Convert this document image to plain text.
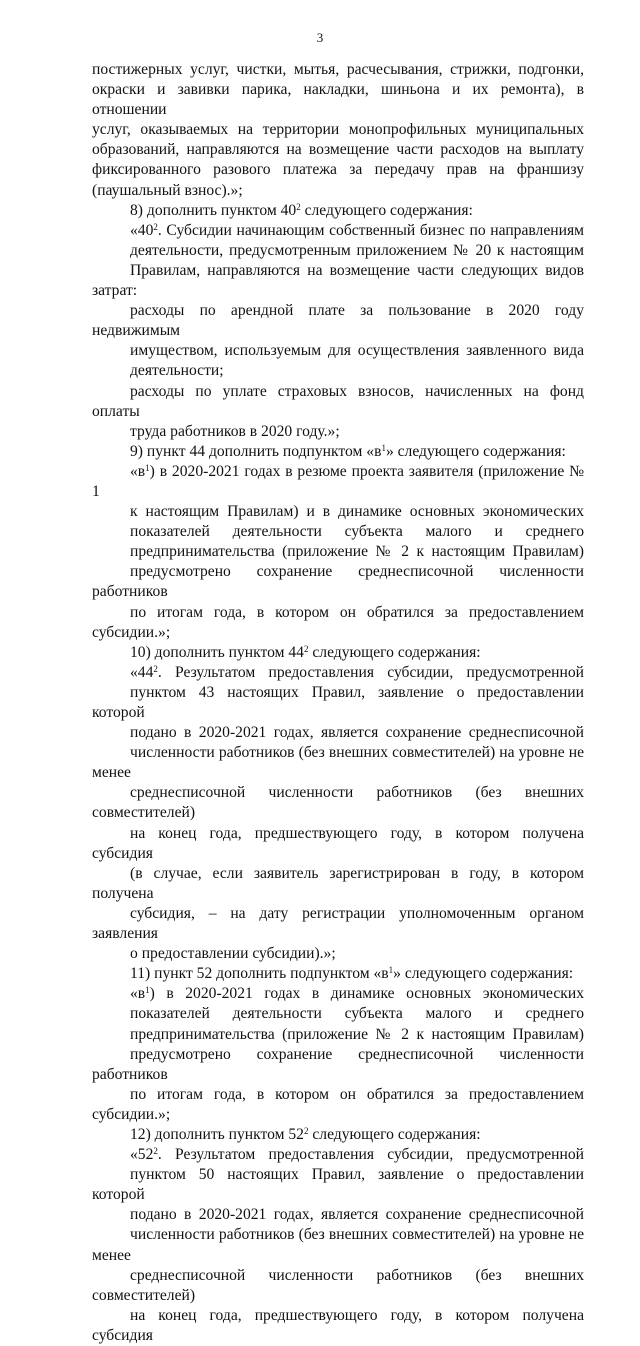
3

постижерных услуг, чистки, мытья, расчесывания, стрижки, подгонки,
окраски и завивки парика, накладки, шиньона и их ремонта), в отношении
услуг, оказываемых на территории монопрофильных муниципальных
образований, направляются на возмещение части расходов на выплату
фиксированного разового платежа за передачу прав на франшизу
(паушальный взнос).»;

8) дополнить пунктом $40^2$ следующего содержания:

«$40^2$. Субсидии начинающим собственный бизнес по направлениям
деятельности, предусмотренным приложением № 20 к настоящим
Правилам, направляются на возмещение части следующих видов затрат:

расходы по арендной плате за пользование в 2020 году недвижимым
имуществом, используемым для осуществления заявленного вида
деятельности;

расходы по уплате страховых взносов, начисленных на фонд оплаты
труда работников в 2020 году.»;

9) пункт 44 дополнить подпунктом «$в^1$» следующего содержания:

«$в^1$) в 2020-2021 годах в резюме проекта заявителя (приложение № 1
к настоящим Правилам) и в динамике основных экономических
показателей деятельности субъекта малого и среднего
предпринимательства (приложение № 2 к настоящим Правилам)
предусмотрено сохранение среднесписочной численности работников
по итогам года, в котором он обратился за предоставлением субсидии.»;

10) дополнить пунктом $44^2$ следующего содержания:

«$44^2$. Результатом предоставления субсидии, предусмотренной
пунктом 43 настоящих Правил, заявление о предоставлении которой
подано в 2020-2021 годах, является сохранение среднесписочной
численности работников (без внешних совместителей) на уровне не менее
среднесписочной численности работников (без внешних совместителей)
на конец года, предшествующего году, в котором получена субсидия
(в случае, если заявитель зарегистрирован в году, в котором получена
субсидия, – на дату регистрации уполномоченным органом заявления
о предоставлении субсидии).»;

11) пункт 52 дополнить подпунктом «$в^1$» следующего содержания:

«$в^1$) в 2020-2021 годах в динамике основных экономических
показателей деятельности субъекта малого и среднего
предпринимательства (приложение № 2 к настоящим Правилам)
предусмотрено сохранение среднесписочной численности работников
по итогам года, в котором он обратился за предоставлением субсидии.»;

12) дополнить пунктом $52^2$ следующего содержания:

«$52^2$. Результатом предоставления субсидии, предусмотренной
пунктом 50 настоящих Правил, заявление о предоставлении которой
подано в 2020-2021 годах, является сохранение среднесписочной
численности работников (без внешних совместителей) на уровне не менее
среднесписочной численности работников (без внешних совместителей)
на конец года, предшествующего году, в котором получена субсидия
